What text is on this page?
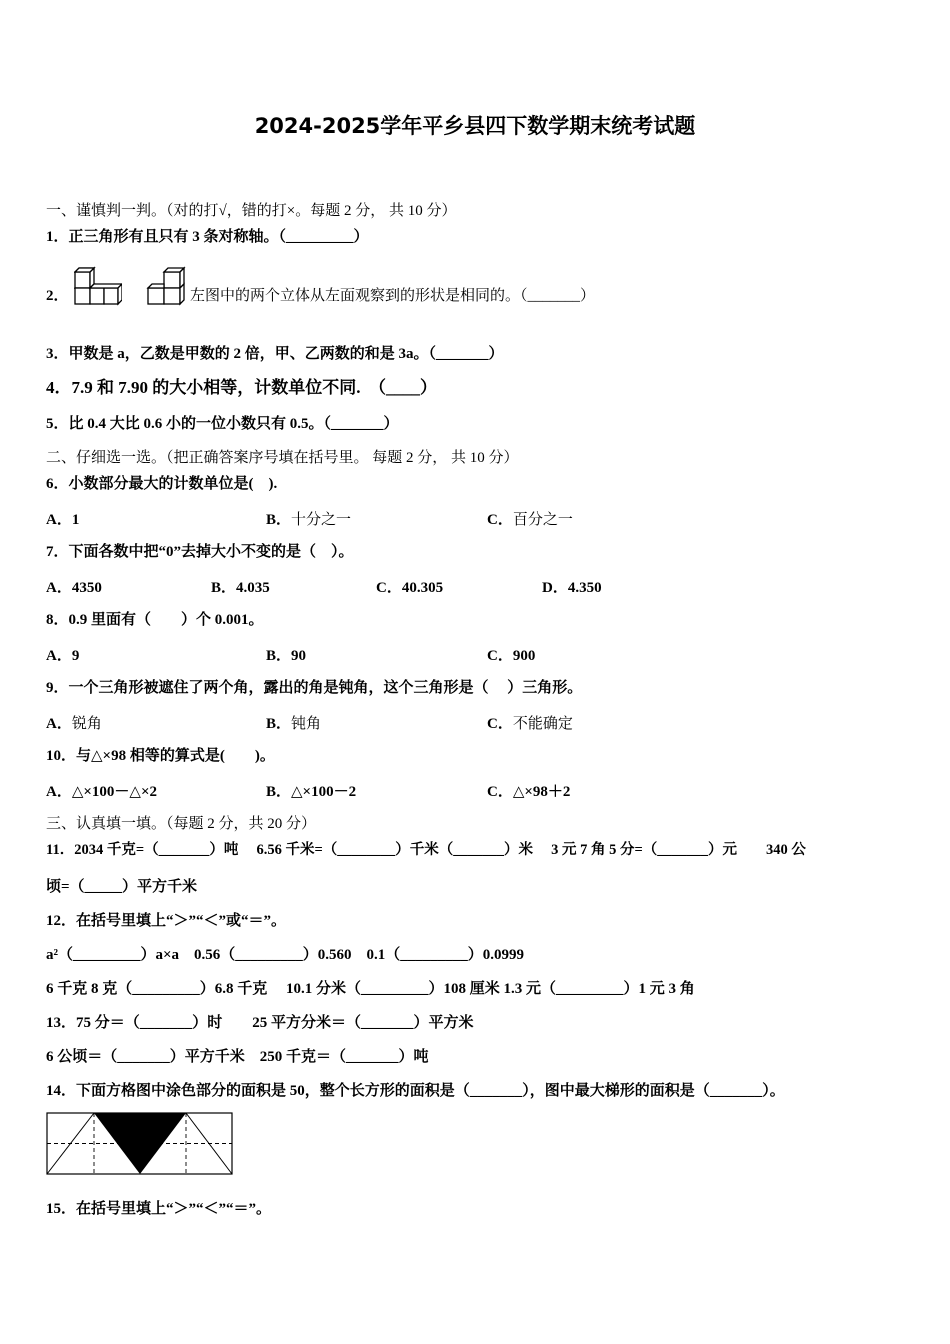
2024-2025学年平乡县四下数学期末统考试题
一、谨慎判一判。（对的打√，错的打×。每题 2 分， 共 10 分）
1．正三角形有且只有 3 条对称轴。（_________）
2．	左图中的两个立体从左面观察到的形状是相同的。（_______）
3．甲数是 a，乙数是甲数的 2 倍，甲、乙两数的和是 3a。（_______）
4．7.9 和 7.90 的大小相等，计数单位不同.　（____）
5．比 0.4 大比 0.6 小的一位小数只有 0.5。（_______）
二、仔细选一选。（把正确答案序号填在括号里。 每题 2 分， 共 10 分）
6．小数部分最大的计数单位是(　).
A．1	B．十分之一	C．百分之一
7．下面各数中把“0”去掉大小不变的是（　）。
A．4350	B．4.035	C．40.305	D．4.350
8．0.9 里面有（　　）个 0.001。
A．9	B．90	C．900
9．一个三角形被遮住了两个角，露出的角是钝角，这个三角形是（　 ）三角形。
A．锐角	B．钝角	C．不能确定
10．与△×98 相等的算式是(　　)。
A．△×100－△×2	B．△×100－2	C．△×98＋2
三、认真填一填。（每题 2 分，共 20 分）
11．2034 千克=（_______）吨　 6.56 千米=（________）千米（_______）米　 3 元 7 角 5 分=（_______）元　　340 公
顷=（_____）平方千米
12．在括号里填上“＞”“＜”或“＝”。
a²（_________）a×a　0.56（_________）0.560　0.1（_________）0.0999
6 千克 8 克（_________）6.8 千克　 10.1 分米（_________）108 厘米 1.3 元（_________）1 元 3 角
13．75 分＝（_______）时　　25 平方分米＝（_______）平方米
6 公顷＝（_______）平方千米　250 千克＝（_______）吨
14．下面方格图中涂色部分的面积是 50，整个长方形的面积是（_______），图中最大梯形的面积是（_______）。
15．在括号里填上“＞”“＜”“＝”。
